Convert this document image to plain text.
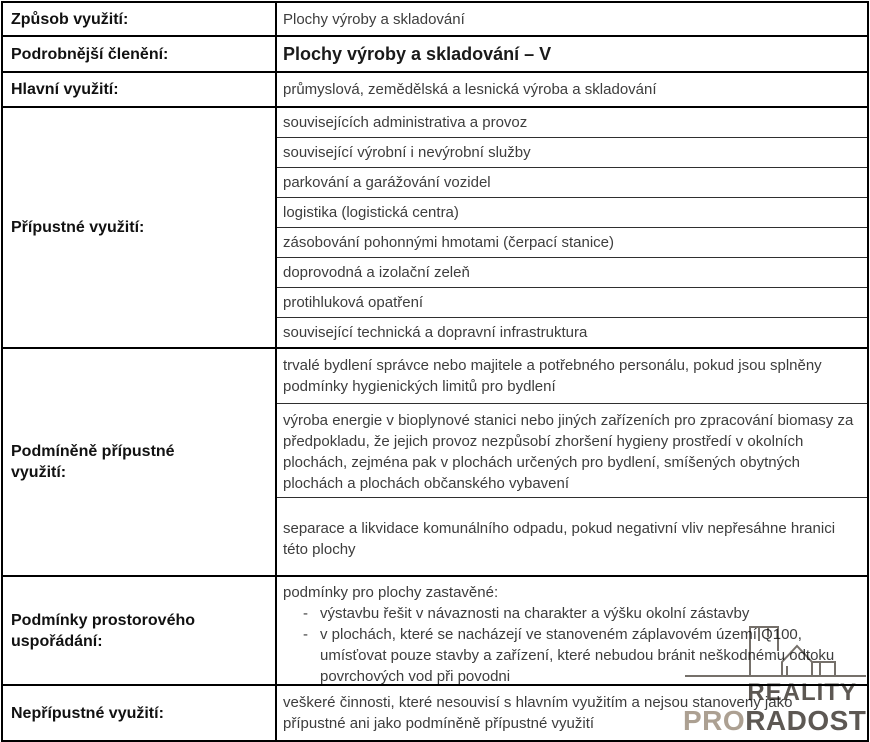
Způsob využití:	Plochy výroby a skladování
Podrobnější členění:	Plochy výroby a skladování – V
Hlavní využití:	průmyslová, zemědělská a lesnická výroba a skladování
Přípustné využití:
souvisejících administrativa a provoz
související výrobní i nevýrobní služby
parkování a garážování vozidel
logistika (logistická centra)
zásobování pohonnými hmotami (čerpací stanice)
doprovodná a izolační zeleň
protihluková opatření
související technická a dopravní infrastruktura
Podmíněně přípustné využití:
trvalé bydlení správce nebo majitele a potřebného personálu, pokud jsou splněny podmínky hygienických limitů pro bydlení
výroba energie v bioplynové stanici nebo jiných zařízeních pro zpracování biomasy za předpokladu, že jejich provoz nezpůsobí zhoršení hygieny prostředí v okolních plochách, zejména pak v plochách určených pro bydlení, smíšených obytných plochách a plochách občanského vybavení
separace a likvidace komunálního odpadu, pokud negativní vliv nepřesáhne hranici této plochy
Podmínky prostorového uspořádání:
podmínky pro plochy zastavěné:
- výstavbu řešit v návaznosti na charakter a výšku okolní zástavby
- v plochách, které se nacházejí ve stanoveném záplavovém území Q100, umísťovat pouze stavby a zařízení, které nebudou bránit neškodnému odtoku povrchových vod při povodni
Nepřípustné využití:
veškeré činnosti, které nesouvisí s hlavním využitím a nejsou stanoveny jako přípustné ani jako podmíněně přípustné využití
REALITY
PRORADOST
